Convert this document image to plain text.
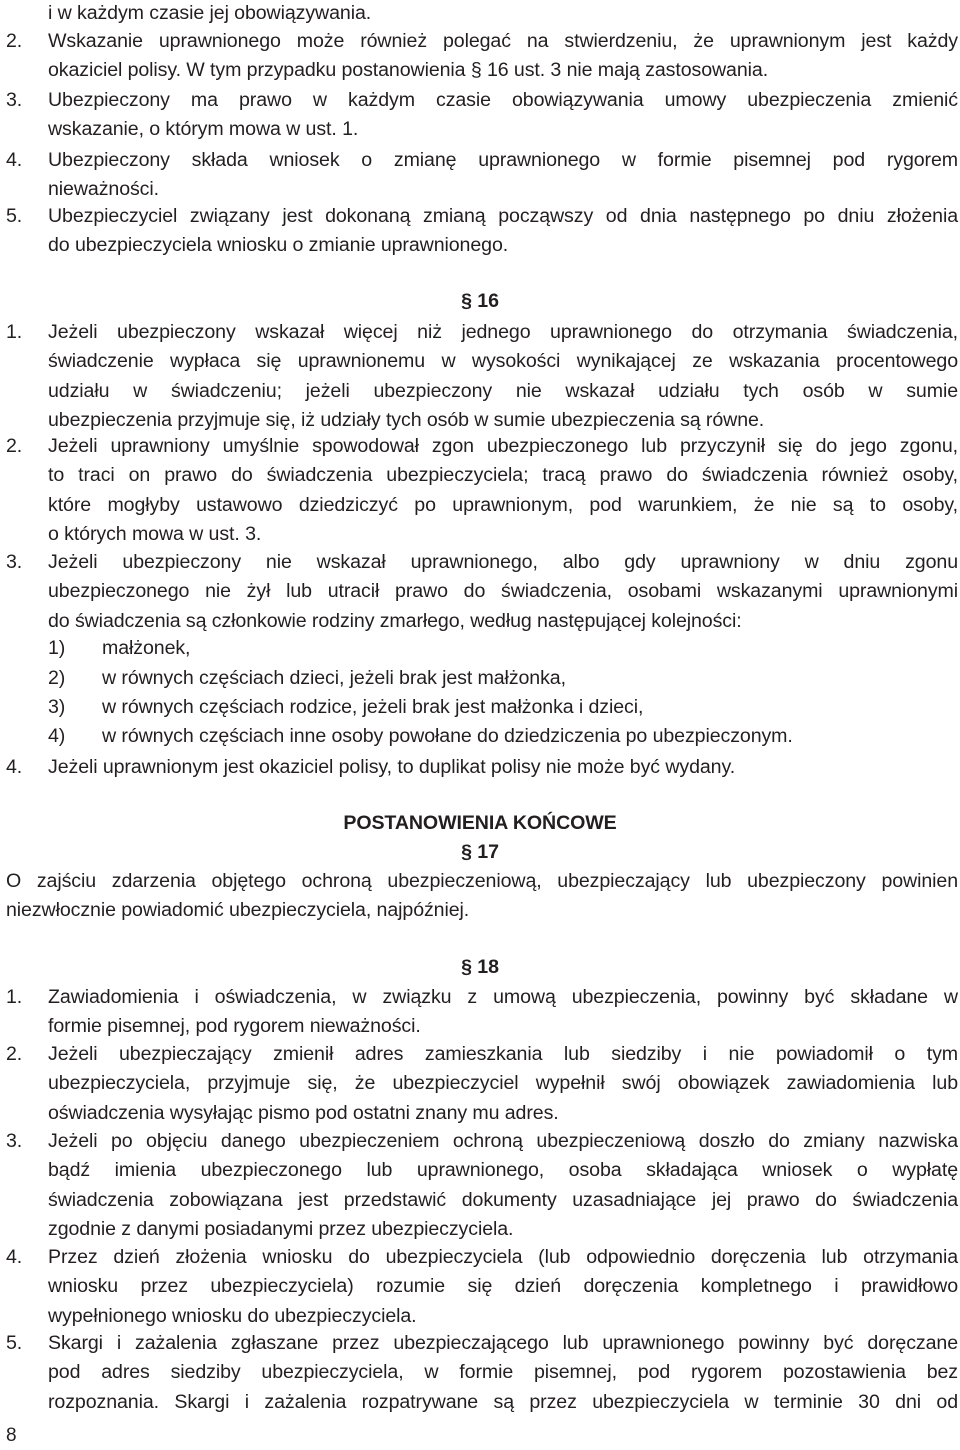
i w każdym czasie jej obowiązywania.
2. Wskazanie uprawnionego może również polegać na stwierdzeniu, że uprawnionym jest każdy
okaziciel polisy. W tym przypadku postanowienia § 16 ust. 3 nie mają zastosowania.
3. Ubezpieczony ma prawo w każdym czasie obowiązywania umowy ubezpieczenia zmienić
wskazanie, o którym mowa w ust. 1.
4. Ubezpieczony składa wniosek o zmianę uprawnionego w formie pisemnej pod rygorem
nieważności.
5. Ubezpieczyciel związany jest dokonaną zmianą począwszy od dnia następnego po dniu złożenia
do ubezpieczyciela wniosku o zmianie uprawnionego.
§ 16
1. Jeżeli ubezpieczony wskazał więcej niż jednego uprawnionego do otrzymania świadczenia,
świadczenie wypłaca się uprawnionemu w wysokości wynikającej ze wskazania procentowego
udziału w świadczeniu; jeżeli ubezpieczony nie wskazał udziału tych osób w sumie
ubezpieczenia przyjmuje się, iż udziały tych osób w sumie ubezpieczenia są równe.
2. Jeżeli uprawniony umyślnie spowodował zgon ubezpieczonego lub przyczynił się do jego zgonu,
to traci on prawo do świadczenia ubezpieczyciela; tracą prawo do świadczenia również osoby,
które mogłyby ustawowo dziedziczyć po uprawnionym, pod warunkiem, że nie są to osoby,
o których mowa w ust. 3.
3. Jeżeli ubezpieczony nie wskazał uprawnionego, albo gdy uprawniony w dniu zgonu
ubezpieczonego nie żył lub utracił prawo do świadczenia, osobami wskazanymi uprawnionymi
do świadczenia są członkowie rodziny zmarłego, według następującej kolejności:
4. Jeżeli uprawnionym jest okaziciel polisy, to duplikat polisy nie może być wydany.
1) małżonek,
2) w równych częściach dzieci, jeżeli brak jest małżonka,
3) w równych częściach rodzice, jeżeli brak jest małżonka i dzieci,
4) w równych częściach inne osoby powołane do dziedziczenia po ubezpieczonym.
POSTANOWIENIA KOŃCOWE
§ 17
O zajściu zdarzenia objętego ochroną ubezpieczeniową, ubezpieczający lub ubezpieczony powinien
niezwłocznie powiadomić ubezpieczyciela, najpóźniej.
§ 18
1. Zawiadomienia i oświadczenia, w związku z umową ubezpieczenia, powinny być składane w
formie pisemnej, pod rygorem nieważności.
2. Jeżeli ubezpieczający zmienił adres zamieszkania lub siedziby i nie powiadomił o tym
ubezpieczyciela, przyjmuje się, że ubezpieczyciel wypełnił swój obowiązek zawiadomienia lub
oświadczenia wysyłając pismo pod ostatni znany mu adres.
3. Jeżeli po objęciu danego ubezpieczeniem ochroną ubezpieczeniową doszło do zmiany nazwiska
bądź imienia ubezpieczonego lub uprawnionego, osoba składająca wniosek o wypłatę
świadczenia zobowiązana jest przedstawić dokumenty uzasadniające jej prawo do świadczenia
zgodnie z danymi posiadanymi przez ubezpieczyciela.
4. Przez dzień złożenia wniosku do ubezpieczyciela (lub odpowiednio doręczenia lub otrzymania
wniosku przez ubezpieczyciela) rozumie się dzień doręczenia kompletnego i prawidłowo
wypełnionego wniosku do ubezpieczyciela.
5. Skargi i zażalenia zgłaszane przez ubezpieczającego lub uprawnionego powinny być doręczane
pod adres siedziby ubezpieczyciela, w formie pisemnej, pod rygorem pozostawienia bez
rozpoznania. Skargi i zażalenia rozpatrywane są przez ubezpieczyciela w terminie 30 dni od
8
